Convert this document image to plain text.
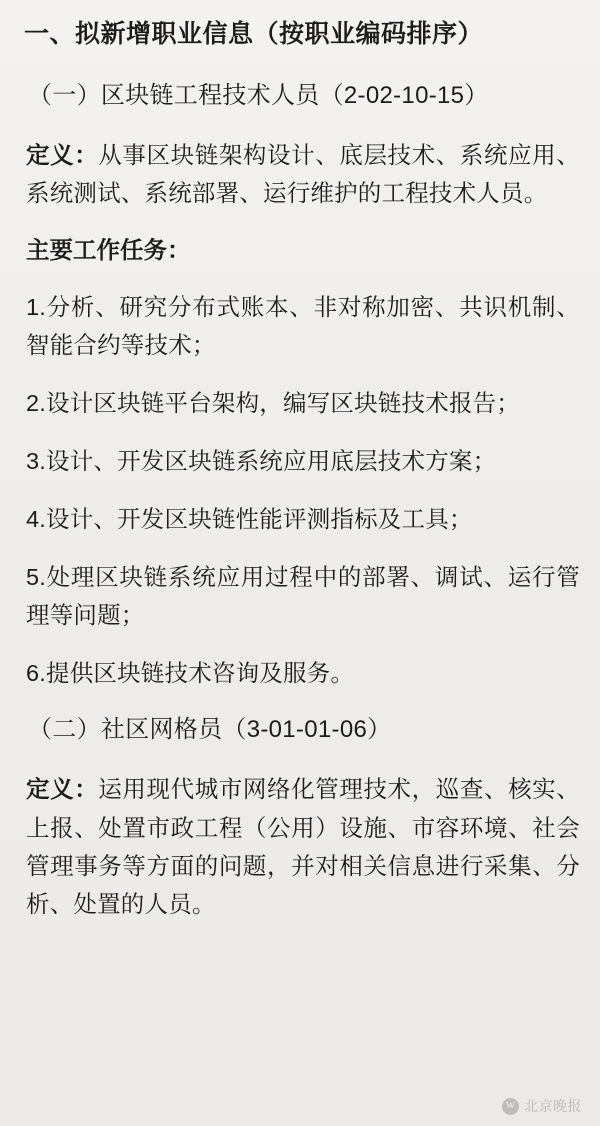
一、拟新增职业信息（按职业编码排序）
（一）区块链工程技术人员（2-02-10-15）

定义：从事区块链架构设计、底层技术、系统应用、系统测试、系统部署、运行维护的工程技术人员。

主要工作任务：

1.分析、研究分布式账本、非对称加密、共识机制、智能合约等技术；

2.设计区块链平台架构，编写区块链技术报告；

3.设计、开发区块链系统应用底层技术方案；

4.设计、开发区块链性能评测指标及工具；

5.处理区块链系统应用过程中的部署、调试、运行管理等问题；

6.提供区块链技术咨询及服务。

（二）社区网格员（3-01-01-06）

定义：运用现代城市网络化管理技术，巡查、核实、上报、处置市政工程（公用）设施、市容环境、社会管理事务等方面的问题，并对相关信息进行采集、分析、处置的人员。

w
北京晚报
